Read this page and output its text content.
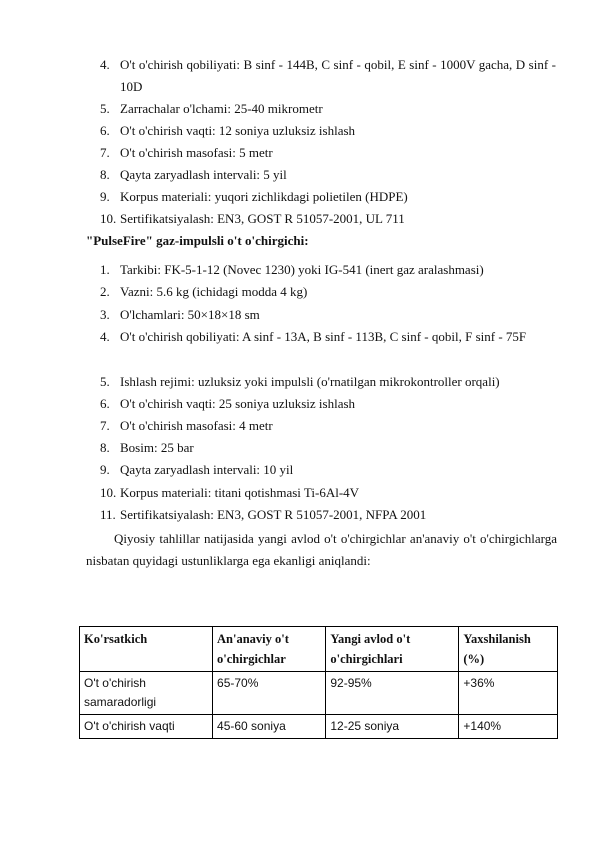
4. O't o'chirish qobiliyati: B sinf - 144B, C sinf - qobil, E sinf - 1000V gacha, D sinf - 10D
5. Zarrachalar o'lchami: 25-40 mikrometr
6. O't o'chirish vaqti: 12 soniya uzluksiz ishlash
7. O't o'chirish masofasi: 5 metr
8. Qayta zaryadlash intervali: 5 yil
9. Korpus materiali: yuqori zichlikdagi polietilen (HDPE)
10. Sertifikatsiyalash: EN3, GOST R 51057-2001, UL 711
"PulseFire" gaz-impulsli o't o'chirgichi:
1. Tarkibi: FK-5-1-12 (Novec 1230) yoki IG-541 (inert gaz aralashmasi)
2. Vazni: 5.6 kg (ichidagi modda 4 kg)
3. O'lchamlari: 50×18×18 sm
4. O't o'chirish qobiliyati: A sinf - 13A, B sinf - 113B, C sinf - qobil, F sinf - 75F
5. Ishlash rejimi: uzluksiz yoki impulsli (o'rnatilgan mikrokontroller orqali)
6. O't o'chirish vaqti: 25 soniya uzluksiz ishlash
7. O't o'chirish masofasi: 4 metr
8. Bosim: 25 bar
9. Qayta zaryadlash intervali: 10 yil
10. Korpus materiali: titani qotishmasi Ti-6Al-4V
11. Sertifikatsiyalash: EN3, GOST R 51057-2001, NFPA 2001

Qiyosiy tahlillar natijasida yangi avlod o't o'chirgichlar an'anaviy o't o'chirgichlarga nisbatan quyidagi ustunliklarga ega ekanligi aniqlandi:

Ko'rsatkich	An'anaviy o't o'chirgichlar	Yangi avlod o't o'chirgichlari	Yaxshilanish (%)
O't o'chirish samaradorligi	65-70%	92-95%	+36%
O't o'chirish vaqti	45-60 soniya	12-25 soniya	+140%
